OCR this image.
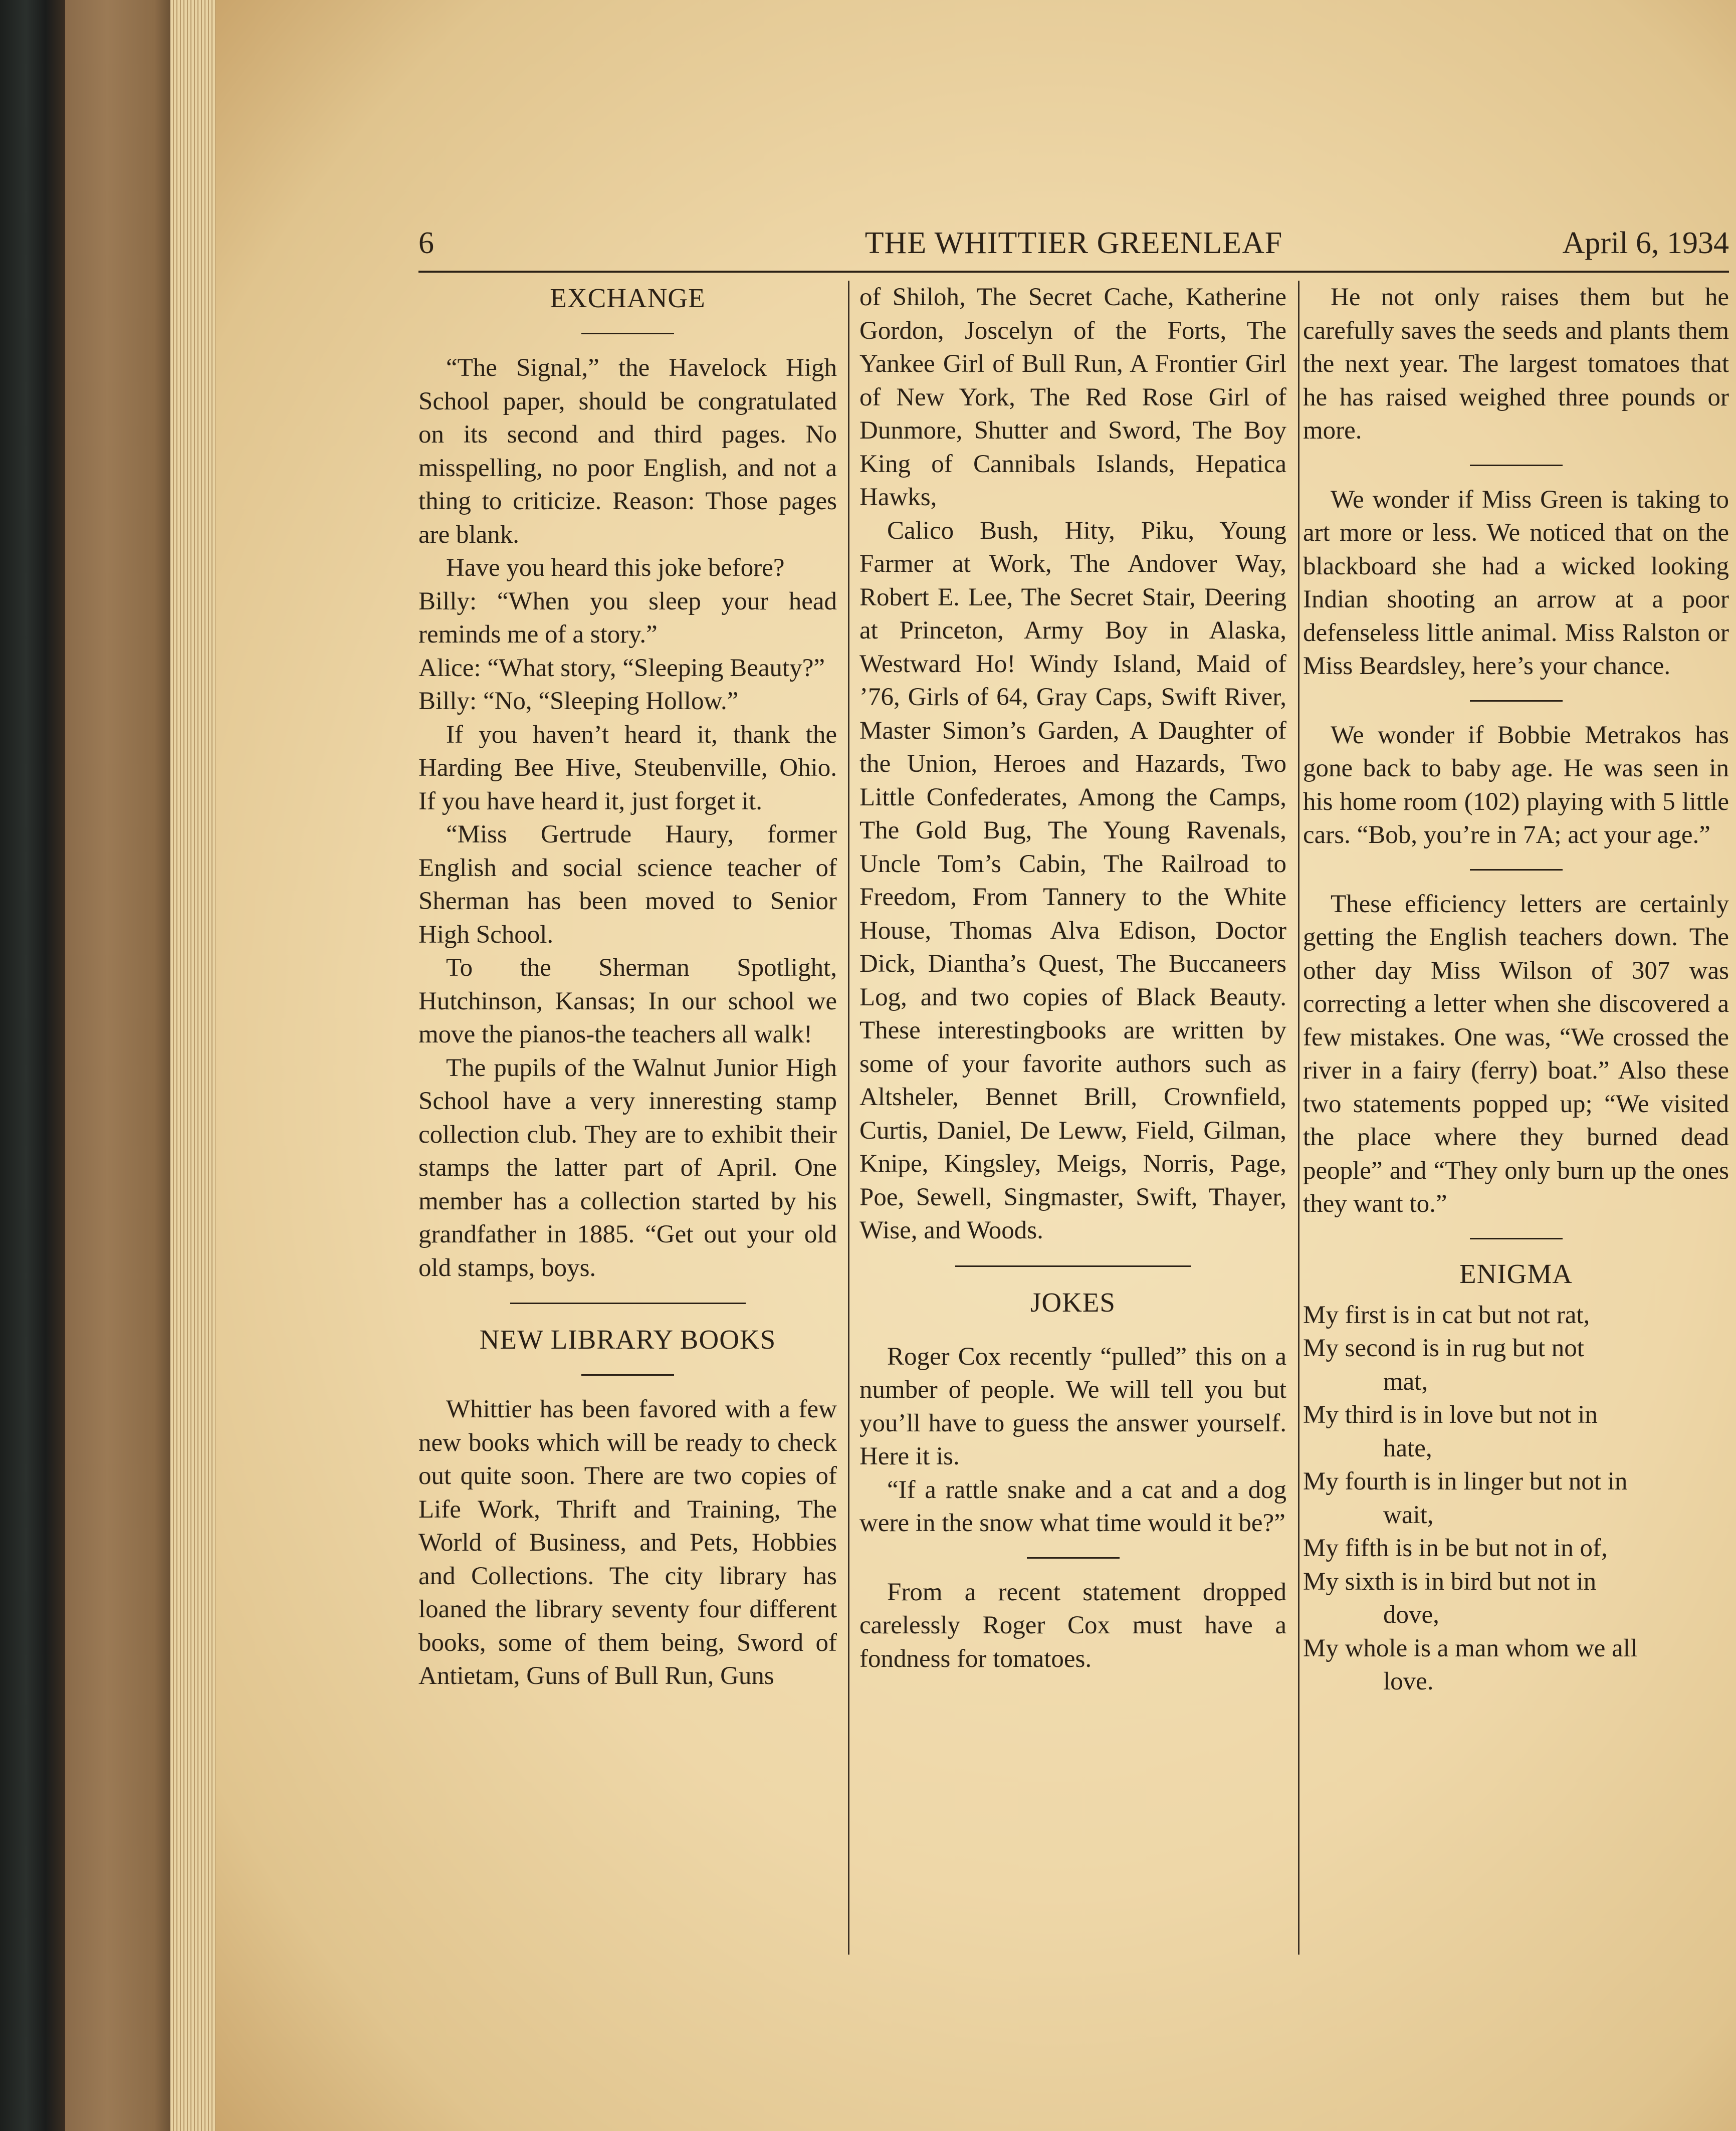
6	THE WHITTIER GREENLEAF	April 6, 1934
EXCHANGE

“The Signal,” the Havelock High School paper, should be congratulated on its second and third pages. No misspelling, no poor English, and not a thing to criticize. Reason: Those pages are blank.

Have you heard this joke before?

Billy: “When you sleep your head reminds me of a story.”

Alice: “What story, “Sleeping Beauty?”

Billy: “No, “Sleeping Hollow.”

If you haven’t heard it, thank the Harding Bee Hive, Steubenville, Ohio. If you have heard it, just forget it.

“Miss Gertrude Haury, former English and social science teacher of Sherman has been moved to Senior High School.

To the Sherman Spotlight, Hutchinson, Kansas; In our school we move the pianos-the teachers all walk!

The pupils of the Walnut Junior High School have a very inneresting stamp collection club. They are to exhibit their stamps the latter part of April. One member has a collection started by his grandfather in 1885. “Get out your old old stamps, boys.

NEW LIBRARY BOOKS

Whittier has been favored with a few new books which will be ready to check out quite soon. There are two copies of Life Work, Thrift and Training, The World of Business, and Pets, Hobbies and Collections. The city library has loaned the library seventy four different books, some of them being, Sword of Antietam, Guns of Bull Run, Guns

of Shiloh, The Secret Cache, Katherine Gordon, Joscelyn of the Forts, The Yankee Girl of Bull Run, A Frontier Girl of New York, The Red Rose Girl of Dunmore, Shutter and Sword, The Boy King of Cannibals Islands, Hepatica Hawks,

Calico Bush, Hity, Piku, Young Farmer at Work, The Andover Way, Robert E. Lee, The Secret Stair, Deering at Princeton, Army Boy in Alaska, Westward Ho! Windy Island, Maid of ’76, Girls of 64, Gray Caps, Swift River, Master Simon’s Garden, A Daughter of the Union, Heroes and Hazards, Two Little Confederates, Among the Camps, The Gold Bug, The Young Ravenals, Uncle Tom’s Cabin, The Railroad to Freedom, From Tannery to the White House, Thomas Alva Edison, Doctor Dick, Diantha’s Quest, The Buccaneers Log, and two copies of Black Beauty. These interestingbooks are written by some of your favorite authors such as Altsheler, Bennet Brill, Crownfield, Curtis, Daniel, De Leww, Field, Gilman, Knipe, Kingsley, Meigs, Norris, Page, Poe, Sewell, Singmaster, Swift, Thayer, Wise, and Woods.

JOKES

Roger Cox recently “pulled” this on a number of people. We will tell you but you’ll have to guess the answer yourself. Here it is.

“If a rattle snake and a cat and a dog were in the snow what time would it be?”

From a recent statement dropped carelessly Roger Cox must have a fondness for tomatoes.

He not only raises them but he carefully saves the seeds and plants them the next year. The largest tomatoes that he has raised weighed three pounds or more.

We wonder if Miss Green is taking to art more or less. We noticed that on the blackboard she had a wicked looking Indian shooting an arrow at a poor defenseless little animal. Miss Ralston or Miss Beardsley, here’s your chance.

We wonder if Bobbie Metrakos has gone back to baby age. He was seen in his home room (102) playing with 5 little cars. “Bob, you’re in 7A; act your age.”

These efficiency letters are certainly getting the English teachers down. The other day Miss Wilson of 307 was correcting a letter when she discovered a few mistakes. One was, “We crossed the river in a fairy (ferry) boat.” Also these two statements popped up; “We visited the place where they burned dead people” and “They only burn up the ones they want to.”

ENIGMA

My first is in cat but not rat,

My second is in rug but not

mat,

My third is in love but not in

hate,

My fourth is in linger but not in

wait,

My fifth is in be but not in of,

My sixth is in bird but not in

dove,

My whole is a man whom we all

love.
